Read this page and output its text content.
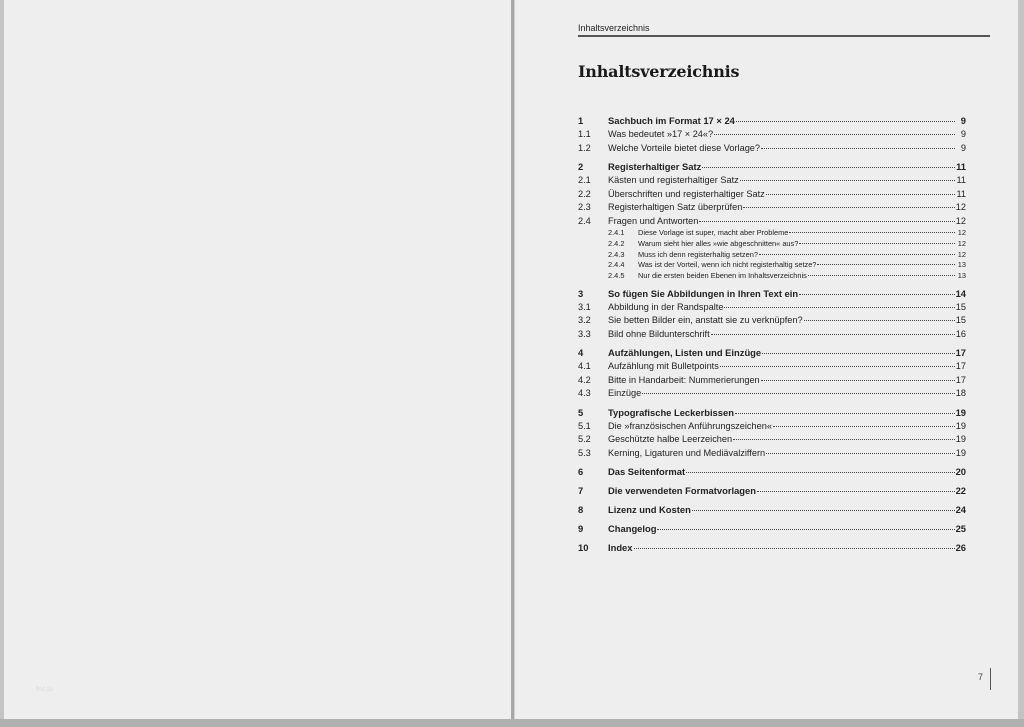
fnz.ja
Inhaltsverzeichnis
Inhaltsverzeichnis
1	Sachbuch im Format 17 × 24	9
1.1	Was bedeutet »17 × 24«?	9
1.2	Welche Vorteile bietet diese Vorlage?	9
2	Registerhaltiger Satz	11
2.1	Kästen und registerhaltiger Satz	11
2.2	Überschriften und registerhaltiger Satz	11
2.3	Registerhaltigen Satz überprüfen	12
2.4	Fragen und Antworten	12
2.4.1	Diese Vorlage ist super, macht aber Probleme	12
2.4.2	Warum sieht hier alles »wie abgeschnitten« aus?	12
2.4.3	Muss ich denn registerhaltig setzen?	12
2.4.4	Was ist der Vorteil, wenn ich nicht registerhaltig setze?	13
2.4.5	Nur die ersten beiden Ebenen im Inhaltsverzeichnis	13
3	So fügen Sie Abbildungen in Ihren Text ein	14
3.1	Abbildung in der Randspalte	15
3.2	Sie betten Bilder ein, anstatt sie zu verknüpfen?	15
3.3	Bild ohne Bildunterschrift	16
4	Aufzählungen, Listen und Einzüge	17
4.1	Aufzählung mit Bulletpoints	17
4.2	Bitte in Handarbeit: Nummerierungen	17
4.3	Einzüge	18
5	Typografische Leckerbissen	19
5.1	Die »französischen Anführungszeichen«	19
5.2	Geschützte halbe Leerzeichen	19
5.3	Kerning, Ligaturen und Mediävalziffern	19
6	Das Seitenformat	20
7	Die verwendeten Formatvorlagen	22
8	Lizenz und Kosten	24
9	Changelog	25
10	Index	26
7
